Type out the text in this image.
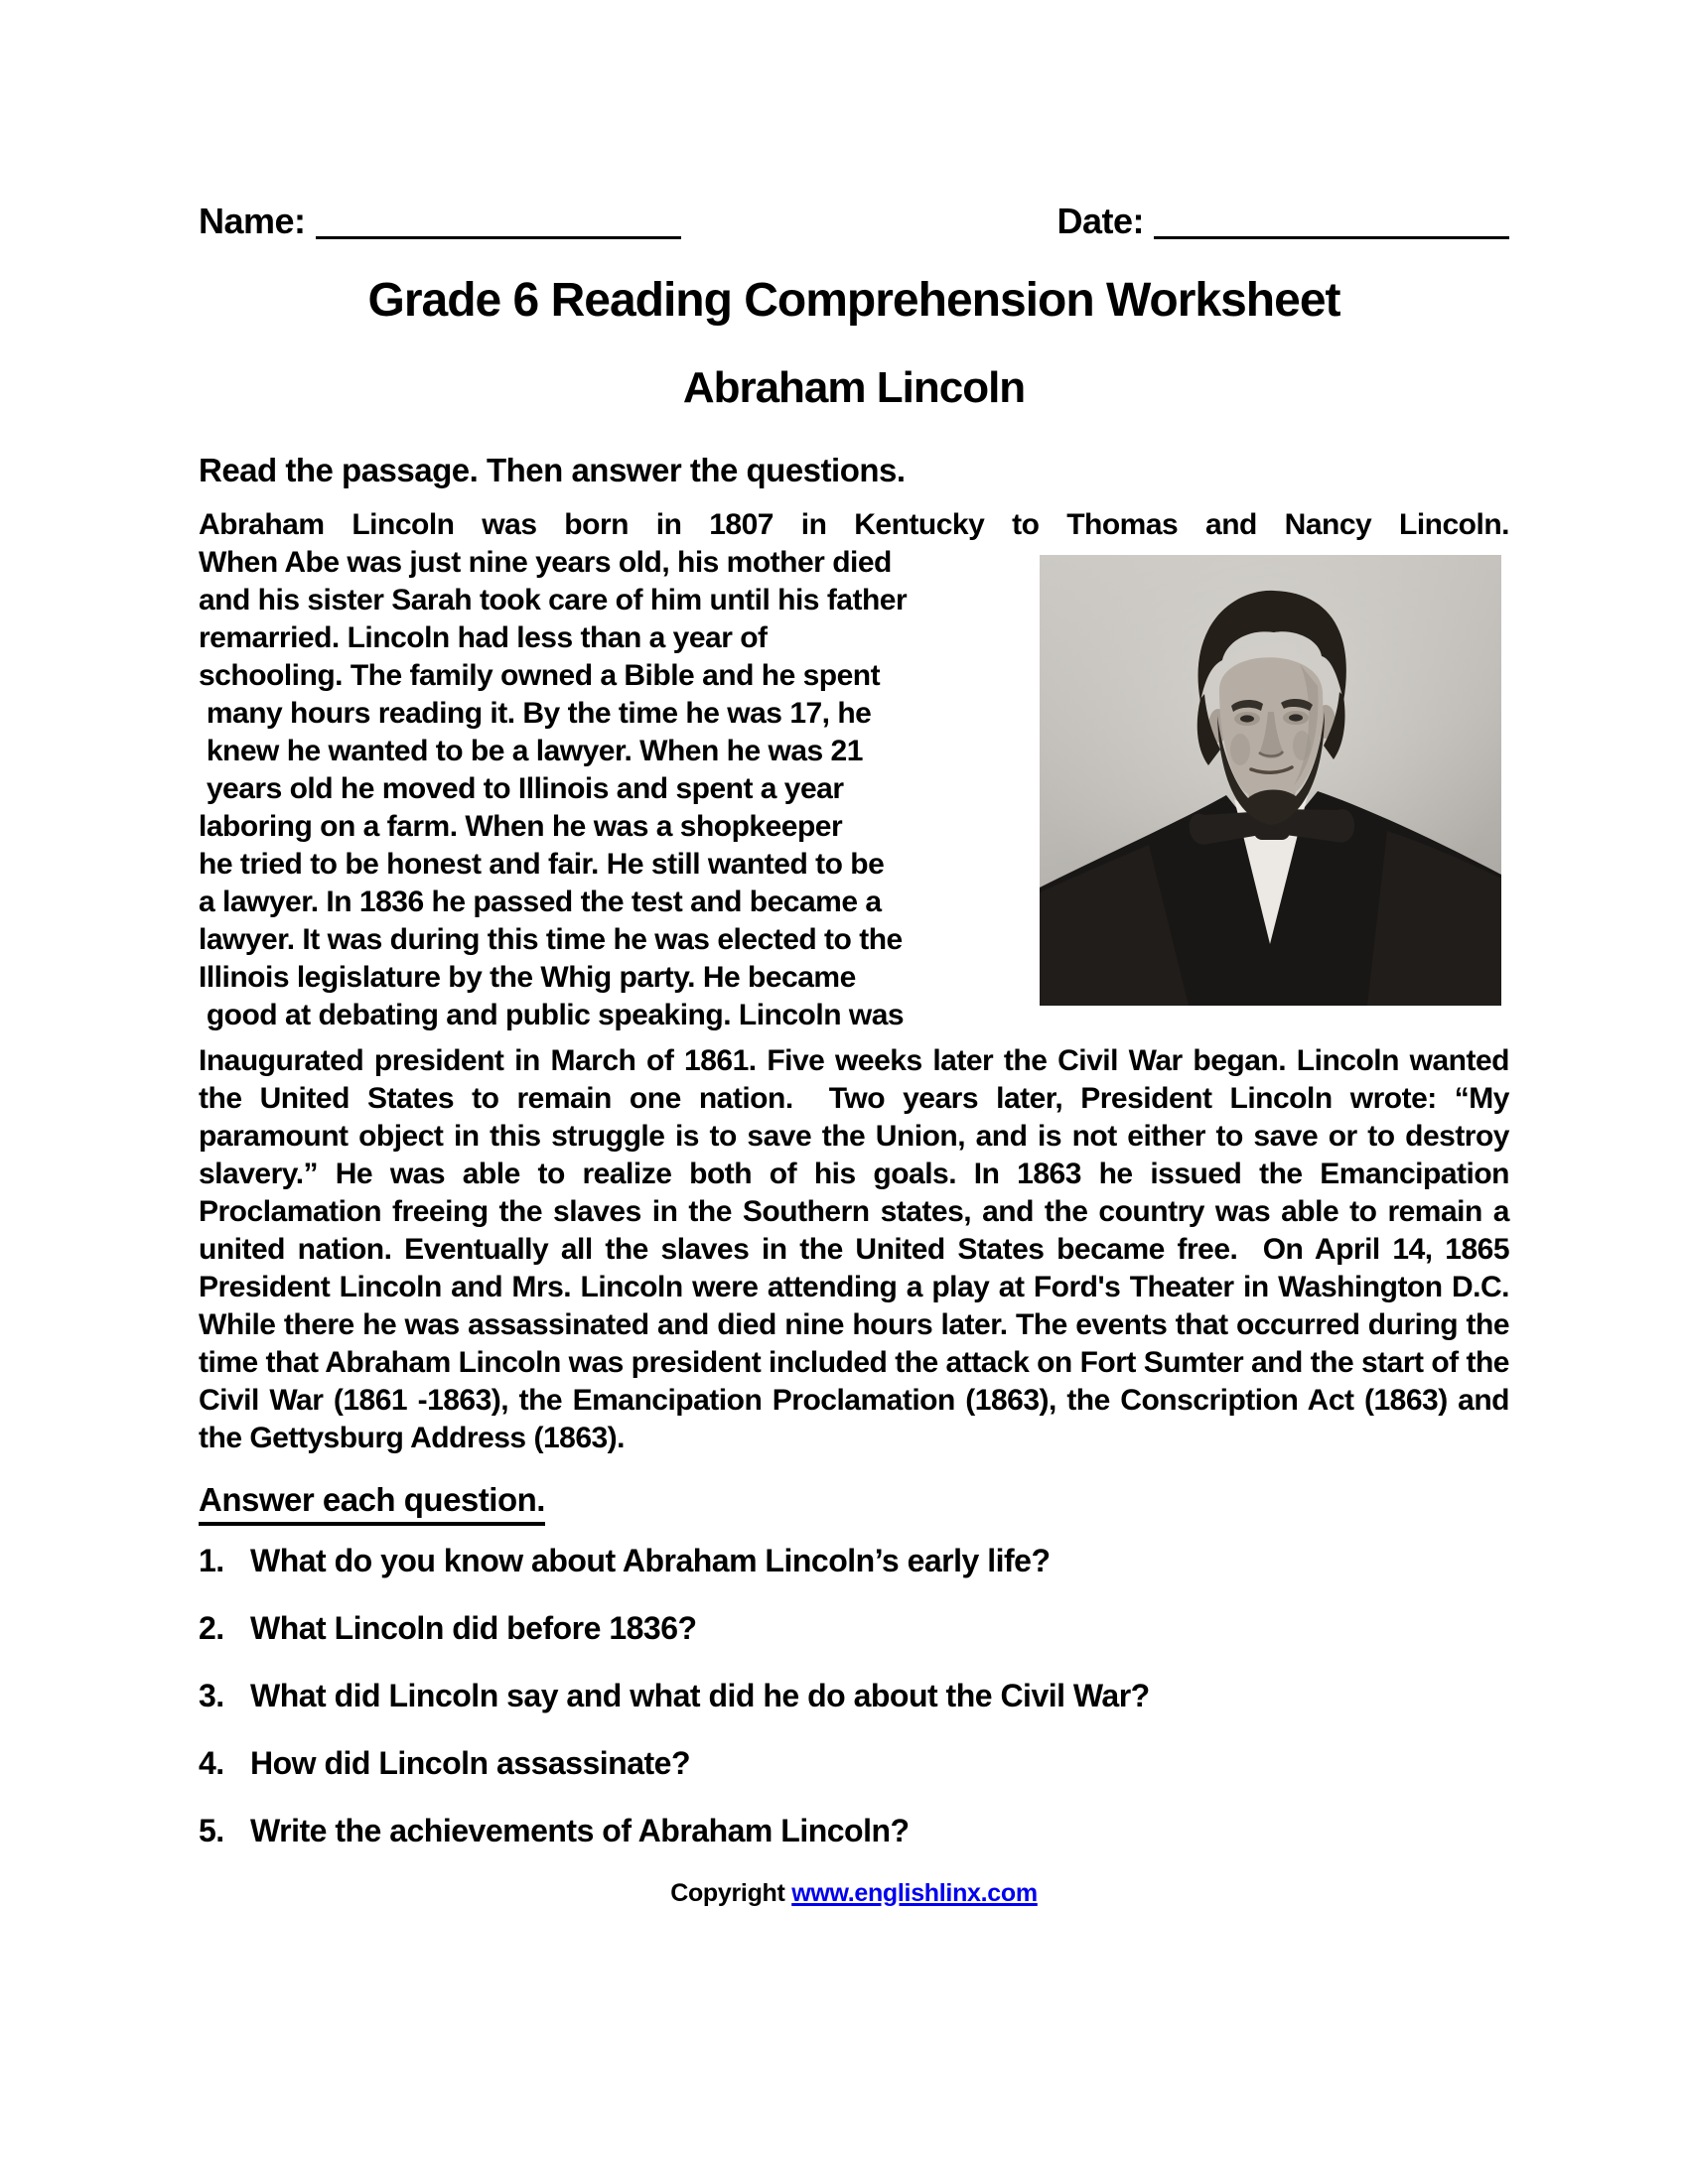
Name:	Date:
Grade 6 Reading Comprehension Worksheet
Abraham Lincoln
Read the passage. Then answer the questions.
Abraham Lincoln was born in 1807 in Kentucky to Thomas and Nancy Lincoln.
When Abe was just nine years old, his mother died
and his sister Sarah took care of him until his father
remarried. Lincoln had less than a year of
schooling. The family owned a Bible and he spent
many hours reading it. By the time he was 17, he
knew he wanted to be a lawyer. When he was 21
years old he moved to Illinois and spent a year
laboring on a farm. When he was a shopkeeper
he tried to be honest and fair. He still wanted to be
a lawyer. In 1836 he passed the test and became a
lawyer. It was during this time he was elected to the
Illinois legislature by the Whig party. He became
good at debating and public speaking. Lincoln was
Inaugurated president in March of 1861. Five weeks later the Civil War began. Lincoln wanted the United States to remain one nation.  Two years later, President Lincoln wrote: “My paramount object in this struggle is to save the Union, and is not either to save or to destroy slavery.” He was able to realize both of his goals. In 1863 he issued the Emancipation Proclamation freeing the slaves in the Southern states, and the country was able to remain a united nation. Eventually all the slaves in the United States became free.  On April 14, 1865 President Lincoln and Mrs. Lincoln were attending a play at Ford's Theater in Washington D.C. While there he was assassinated and died nine hours later. The events that occurred during the time that Abraham Lincoln was president included the attack on Fort Sumter and the start of the Civil War (1861 -1863), the Emancipation Proclamation (1863), the Conscription Act (1863) and the Gettysburg Address (1863).
Answer each question.
1. What do you know about Abraham Lincoln’s early life?
2. What Lincoln did before 1836?
3. What did Lincoln say and what did he do about the Civil War?
4. How did Lincoln assassinate?
5. Write the achievements of Abraham Lincoln?
Copyright www.englishlinx.com
